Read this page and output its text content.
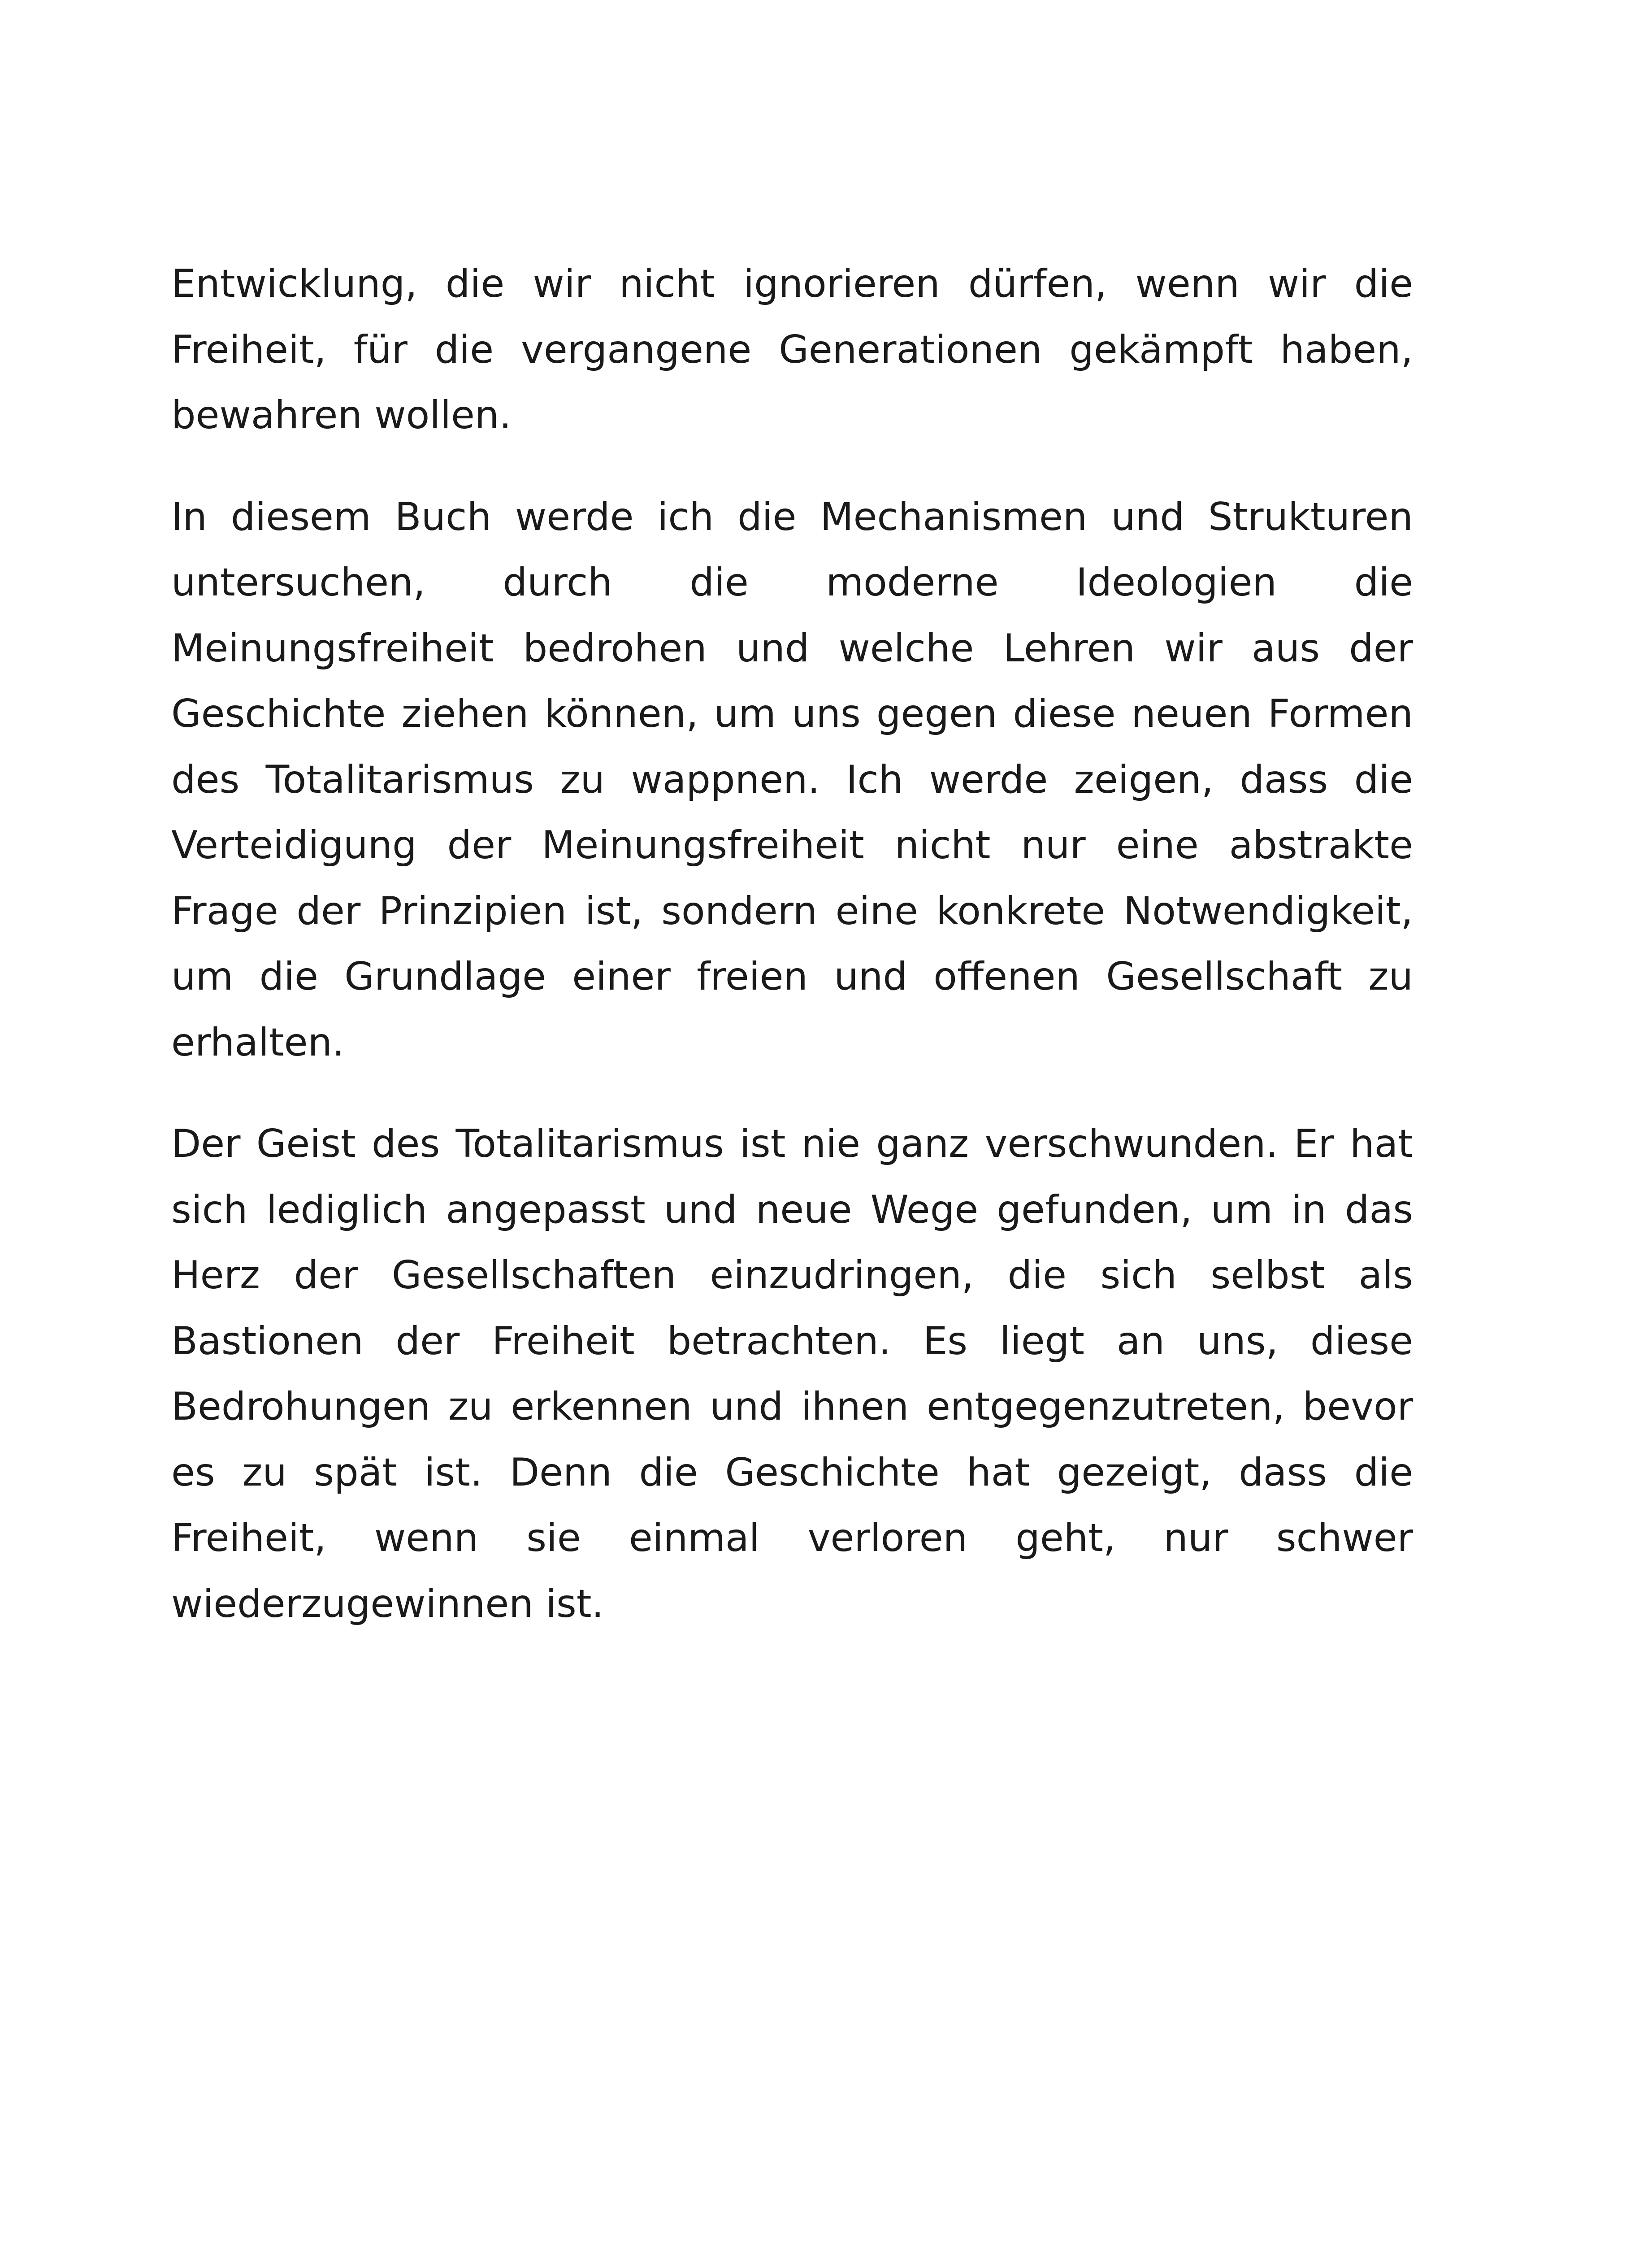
Entwicklung, die wir nicht ignorieren dürfen, wenn wir die Freiheit, für die vergangene Generationen gekämpft haben, bewahren wollen.

In diesem Buch werde ich die Mechanismen und Strukturen untersuchen, durch die moderne Ideologien die Meinungsfreiheit bedrohen und welche Lehren wir aus der Geschichte ziehen können, um uns gegen diese neuen Formen des Totalitarismus zu wappnen. Ich werde zeigen, dass die Verteidigung der Meinungsfreiheit nicht nur eine abstrakte Frage der Prinzipien ist, sondern eine konkrete Notwendigkeit, um die Grundlage einer freien und offenen Gesellschaft zu erhalten.

Der Geist des Totalitarismus ist nie ganz verschwunden. Er hat sich lediglich angepasst und neue Wege gefunden, um in das Herz der Gesellschaften einzudringen, die sich selbst als Bastionen der Freiheit betrachten. Es liegt an uns, diese Bedrohungen zu erkennen und ihnen entgegenzutreten, bevor es zu spät ist. Denn die Geschichte hat gezeigt, dass die Freiheit, wenn sie einmal verloren geht, nur schwer wiederzugewinnen ist.
